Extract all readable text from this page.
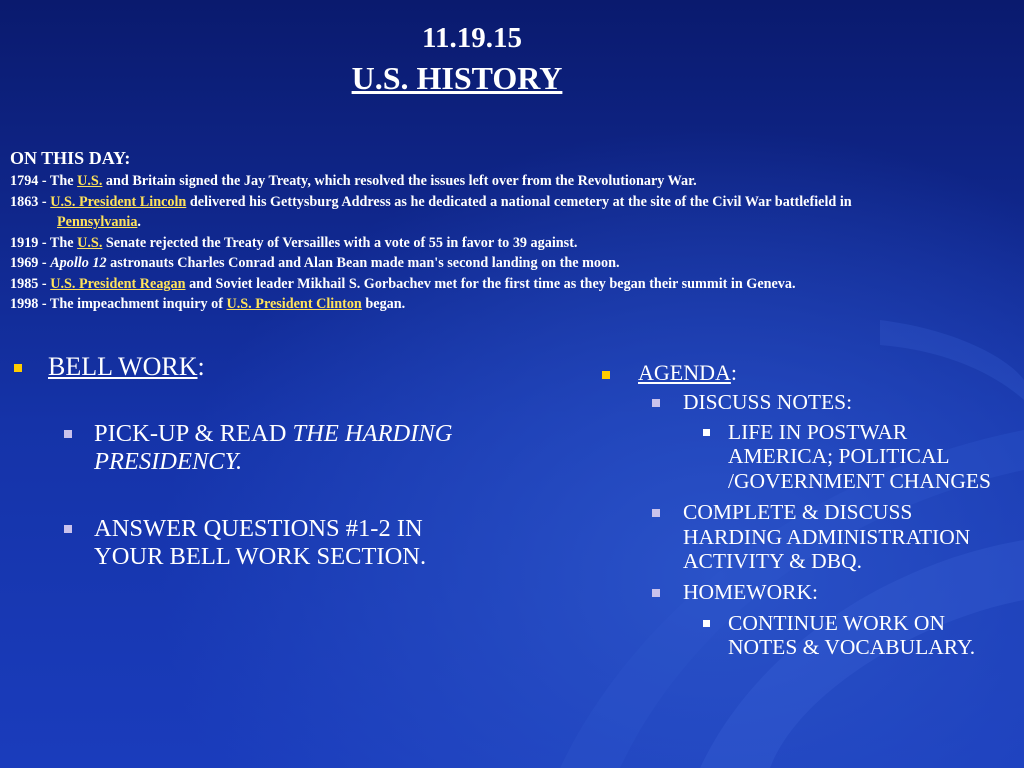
11.19.15
U.S. HISTORY
ON THIS DAY:
1794 - The U.S. and Britain signed the Jay Treaty, which resolved the issues left over from the Revolutionary War.
1863 - U.S. President Lincoln delivered his Gettysburg Address as he dedicated a national cemetery at the site of the Civil War battlefield in
Pennsylvania.
1919 - The U.S. Senate rejected the Treaty of Versailles with a vote of 55 in favor to 39 against.
1969 - Apollo 12 astronauts Charles Conrad and Alan Bean made man's second landing on the moon.
1985 - U.S. President Reagan and Soviet leader Mikhail S. Gorbachev met for the first time as they began their summit in Geneva.
1998 - The impeachment inquiry of U.S. President Clinton began.
BELL WORK:
PICK-UP & READ THE HARDING PRESIDENCY.
ANSWER QUESTIONS #1-2 IN YOUR BELL WORK SECTION.
AGENDA:
DISCUSS NOTES:
LIFE IN POSTWAR AMERICA; POLITICAL /GOVERNMENT CHANGES
COMPLETE & DISCUSS HARDING ADMINISTRATION ACTIVITY & DBQ.
HOMEWORK:
CONTINUE WORK ON NOTES & VOCABULARY.
